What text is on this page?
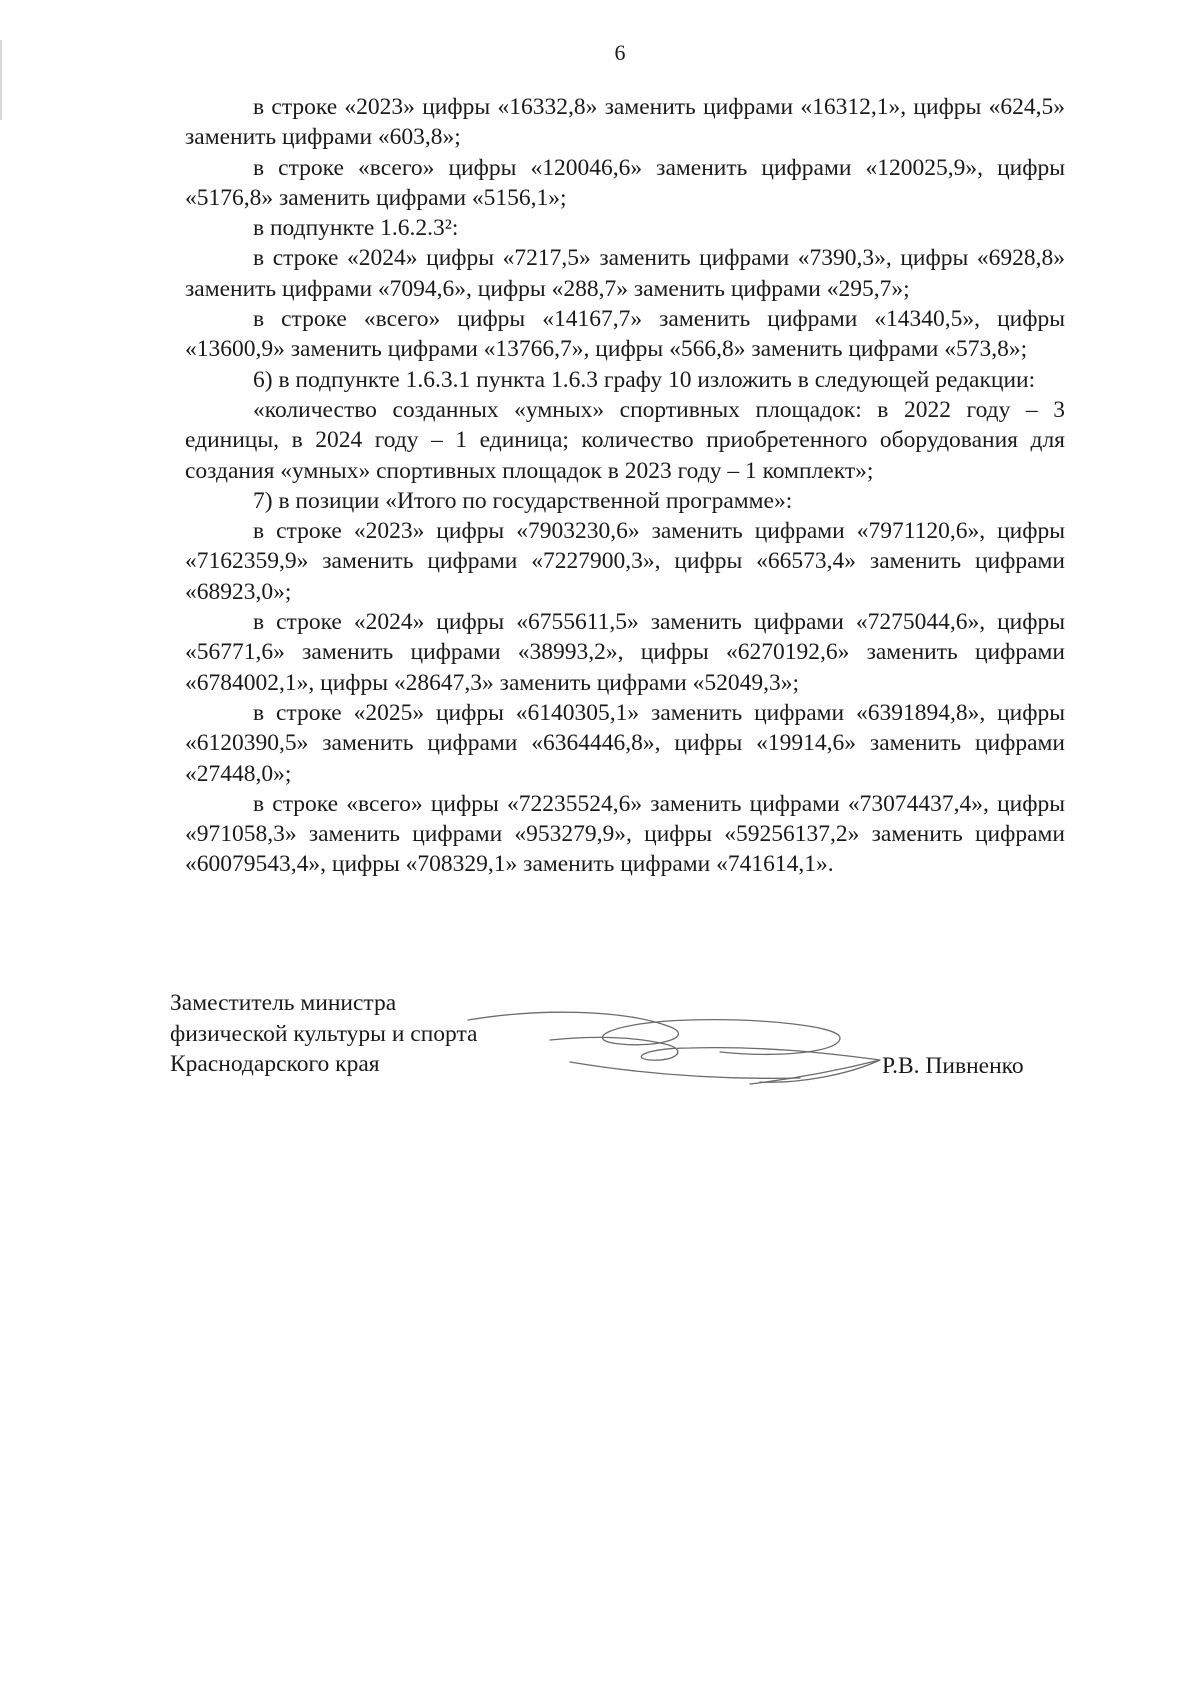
6

в строке «2023» цифры «16332,8» заменить цифрами «16312,1», цифры «624,5» заменить цифрами «603,8»;

в строке «всего» цифры «120046,6» заменить цифрами «120025,9», цифры «5176,8» заменить цифрами «5156,1»;

в подпункте 1.6.2.3²:

в строке «2024» цифры «7217,5» заменить цифрами «7390,3», цифры «6928,8» заменить цифрами «7094,6», цифры «288,7» заменить цифрами «295,7»;

в строке «всего» цифры «14167,7» заменить цифрами «14340,5», цифры «13600,9» заменить цифрами «13766,7», цифры «566,8» заменить цифрами «573,8»;

6) в подпункте 1.6.3.1 пункта 1.6.3 графу 10 изложить в следующей редакции:

«количество созданных «умных» спортивных площадок: в 2022 году – 3 единицы, в 2024 году – 1 единица; количество приобретенного оборудования для создания «умных» спортивных площадок в 2023 году – 1 комплект»;

7) в позиции «Итого по государственной программе»:

в строке «2023» цифры «7903230,6» заменить цифрами «7971120,6», цифры «7162359,9» заменить цифрами «7227900,3», цифры «66573,4» заменить цифрами «68923,0»;

в строке «2024» цифры «6755611,5» заменить цифрами «7275044,6», цифры «56771,6» заменить цифрами «38993,2», цифры «6270192,6» заменить цифрами «6784002,1», цифры «28647,3» заменить цифрами «52049,3»;

в строке «2025» цифры «6140305,1» заменить цифрами «6391894,8», цифры «6120390,5» заменить цифрами «6364446,8», цифры «19914,6» заменить цифрами «27448,0»;

в строке «всего» цифры «72235524,6» заменить цифрами «73074437,4», цифры «971058,3» заменить цифрами «953279,9», цифры «59256137,2» заменить цифрами «60079543,4», цифры «708329,1» заменить цифрами «741614,1».

Заместитель министра
физической культуры и спорта
Краснодарского края	Р.В. Пивненко
